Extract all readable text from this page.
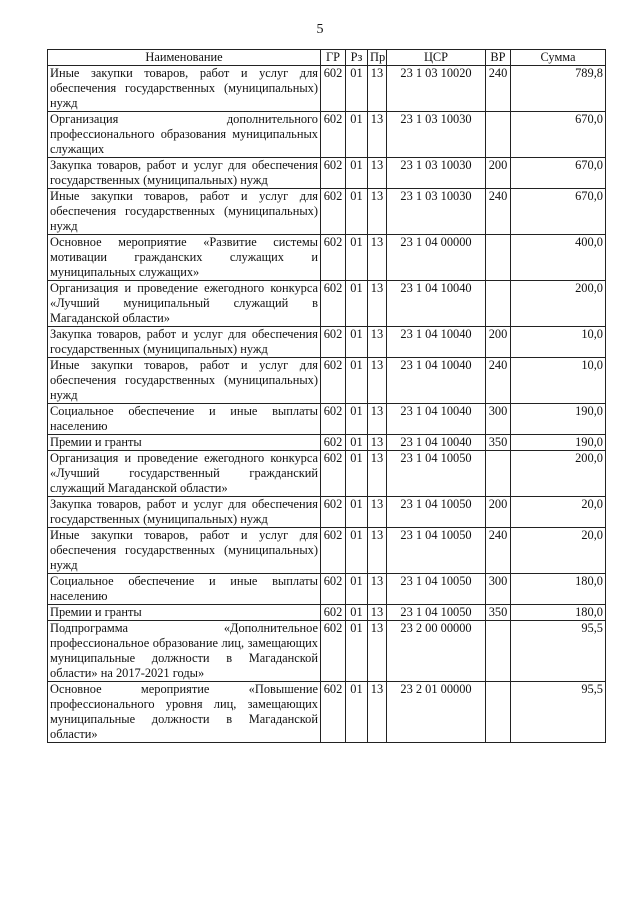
5
Наименование	ГР	Рз	Пр	ЦСР	ВР	Сумма
Иные закупки товаров, работ и услуг для обеспечения государственных (муниципальных) нужд	602	01	13	23 1 03 10020	240	789,8
Организация дополнительного профессионального образования муниципальных служащих	602	01	13	23 1 03 10030		670,0
Закупка товаров, работ и услуг для обеспечения государственных (муниципальных) нужд	602	01	13	23 1 03 10030	200	670,0
Иные закупки товаров, работ и услуг для обеспечения государственных (муниципальных) нужд	602	01	13	23 1 03 10030	240	670,0
Основное мероприятие «Развитие системы мотивации гражданских служащих и муниципальных служащих»	602	01	13	23 1 04 00000		400,0
Организация и проведение ежегодного конкурса «Лучший муниципальный служащий в Магаданской области»	602	01	13	23 1 04 10040		200,0
Закупка товаров, работ и услуг для обеспечения государственных (муниципальных) нужд	602	01	13	23 1 04 10040	200	10,0
Иные закупки товаров, работ и услуг для обеспечения государственных (муниципальных) нужд	602	01	13	23 1 04 10040	240	10,0
Социальное обеспечение и иные выплаты населению	602	01	13	23 1 04 10040	300	190,0
Премии и гранты	602	01	13	23 1 04 10040	350	190,0
Организация и проведение ежегодного конкурса «Лучший государственный гражданский служащий Магаданской области»	602	01	13	23 1 04 10050		200,0
Закупка товаров, работ и услуг для обеспечения государственных (муниципальных) нужд	602	01	13	23 1 04 10050	200	20,0
Иные закупки товаров, работ и услуг для обеспечения государственных (муниципальных) нужд	602	01	13	23 1 04 10050	240	20,0
Социальное обеспечение и иные выплаты населению	602	01	13	23 1 04 10050	300	180,0
Премии и гранты	602	01	13	23 1 04 10050	350	180,0
Подпрограмма «Дополнительное профессиональное образование лиц, замещающих муниципальные должности в Магаданской области» на 2017-2021 годы»	602	01	13	23 2 00 00000		95,5
Основное мероприятие «Повышение профессионального уровня лиц, замещающих муниципальные должности в Магаданской области»	602	01	13	23 2 01 00000		95,5
